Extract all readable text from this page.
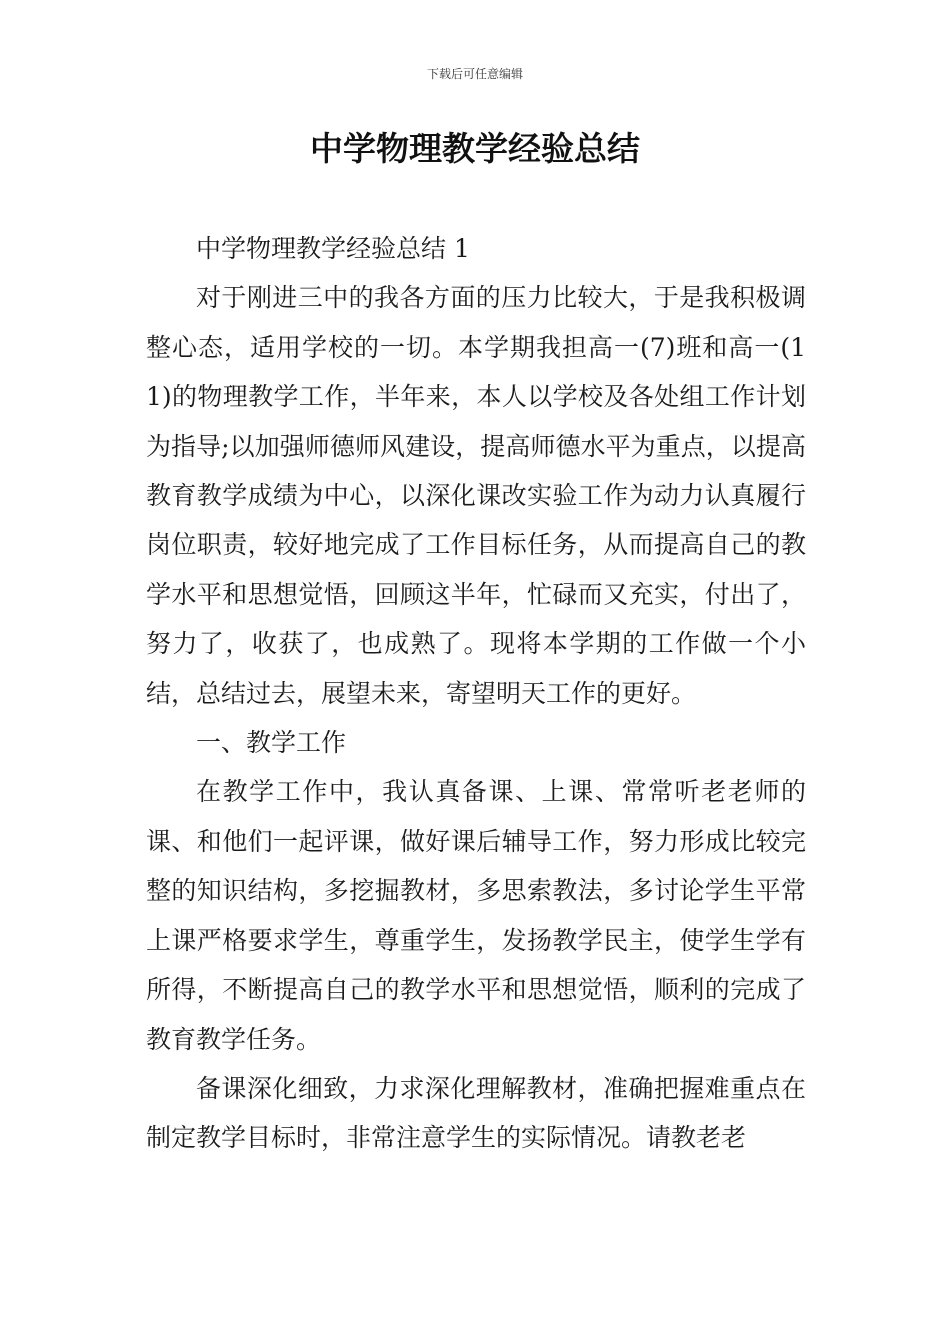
下载后可任意编辑
中学物理教学经验总结

中学物理教学经验总结 1

对于刚进三中的我各方面的压力比较大，于是我积极调整心态，适用学校的一切。本学期我担高一(7)班和高一(11)的物理教学工作，半年来，本人以学校及各处组工作计划为指导;以加强师德师风建设，提高师德水平为重点，以提高教育教学成绩为中心，以深化课改实验工作为动力认真履行岗位职责，较好地完成了工作目标任务，从而提高自己的教学水平和思想觉悟，回顾这半年，忙碌而又充实，付出了，努力了，收获了，也成熟了。现将本学期的工作做一个小结，总结过去，展望未来，寄望明天工作的更好。

一、教学工作

在教学工作中，我认真备课、上课、常常听老老师的课、和他们一起评课，做好课后辅导工作，努力形成比较完整的知识结构，多挖掘教材，多思索教法，多讨论学生平常上课严格要求学生，尊重学生，发扬教学民主，使学生学有所得，不断提高自己的教学水平和思想觉悟，顺利的完成了教育教学任务。

备课深化细致，力求深化理解教材，准确把握难重点在制定教学目标时，非常注意学生的实际情况。请教老老
